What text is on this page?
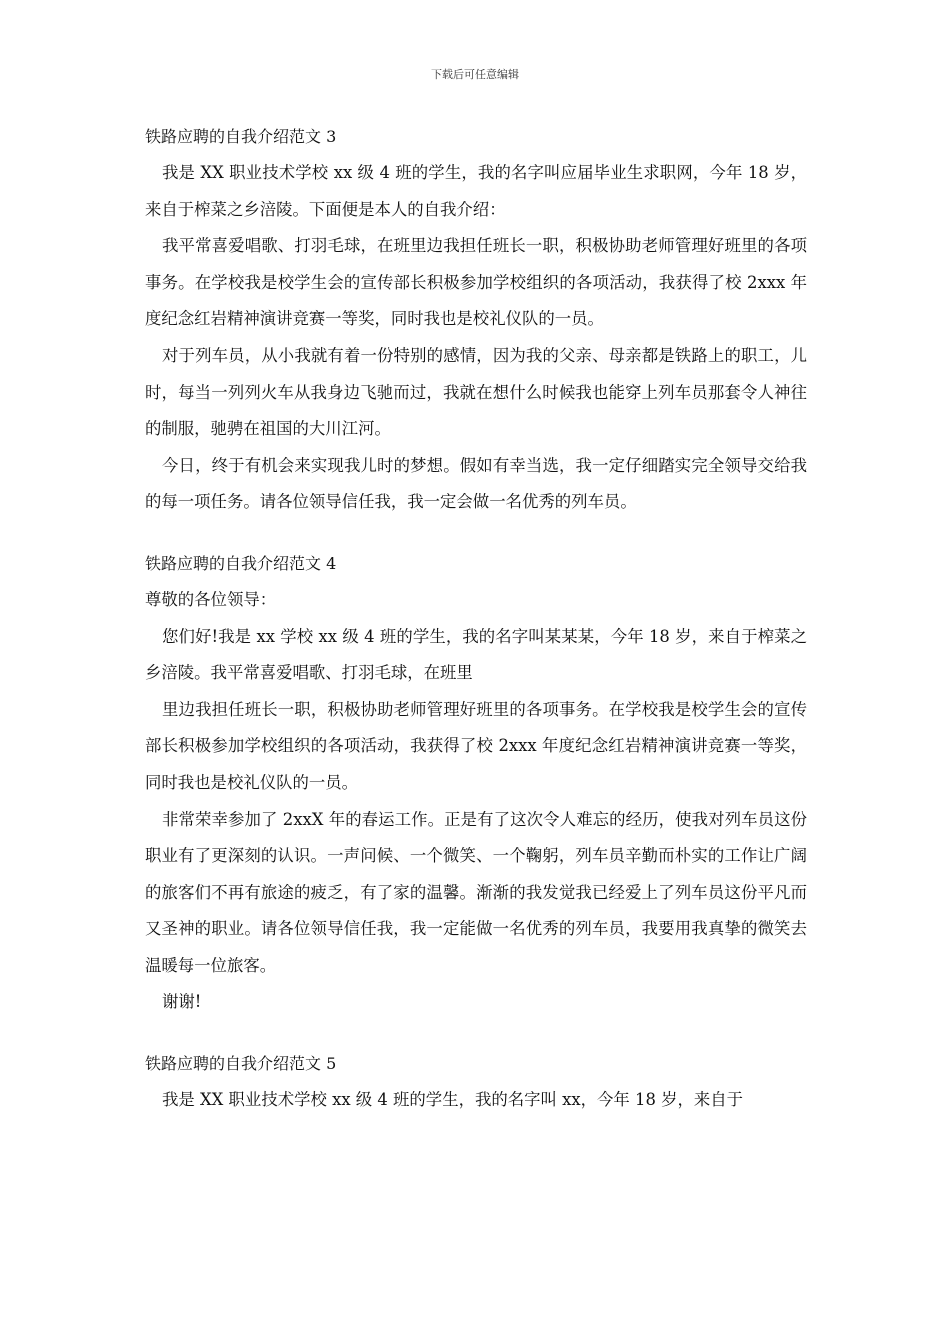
下载后可任意编辑

铁路应聘的自我介绍范文 3

我是 XX 职业技术学校 xx 级 4 班的学生，我的名字叫应届毕业生求职网，今年 18 岁，来自于榨菜之乡涪陵。下面便是本人的自我介绍：

我平常喜爱唱歌、打羽毛球，在班里边我担任班长一职，积极协助老师管理好班里的各项事务。在学校我是校学生会的宣传部长积极参加学校组织的各项活动，我获得了校 2xxx 年度纪念红岩精神演讲竞赛一等奖，同时我也是校礼仪队的一员。

对于列车员，从小我就有着一份特别的感情，因为我的父亲、母亲都是铁路上的职工，儿时，每当一列列火车从我身边飞驰而过，我就在想什么时候我也能穿上列车员那套令人神往的制服，驰骋在祖国的大川江河。

今日，终于有机会来实现我儿时的梦想。假如有幸当选，我一定仔细踏实完全领导交给我的每一项任务。请各位领导信任我，我一定会做一名优秀的列车员。

铁路应聘的自我介绍范文 4

尊敬的各位领导：

您们好!我是 xx 学校 xx 级 4 班的学生，我的名字叫某某某，今年 18 岁，来自于榨菜之乡涪陵。我平常喜爱唱歌、打羽毛球，在班里

里边我担任班长一职，积极协助老师管理好班里的各项事务。在学校我是校学生会的宣传部长积极参加学校组织的各项活动，我获得了校 2xxx 年度纪念红岩精神演讲竞赛一等奖，同时我也是校礼仪队的一员。

非常荣幸参加了 2xxX 年的春运工作。正是有了这次令人难忘的经历，使我对列车员这份职业有了更深刻的认识。一声问候、一个微笑、一个鞠躬，列车员辛勤而朴实的工作让广阔的旅客们不再有旅途的疲乏，有了家的温馨。渐渐的我发觉我已经爱上了列车员这份平凡而又圣神的职业。请各位领导信任我，我一定能做一名优秀的列车员，我要用我真挚的微笑去温暖每一位旅客。

谢谢!

铁路应聘的自我介绍范文 5

我是 XX 职业技术学校 xx 级 4 班的学生，我的名字叫 xx，今年 18 岁，来自于
